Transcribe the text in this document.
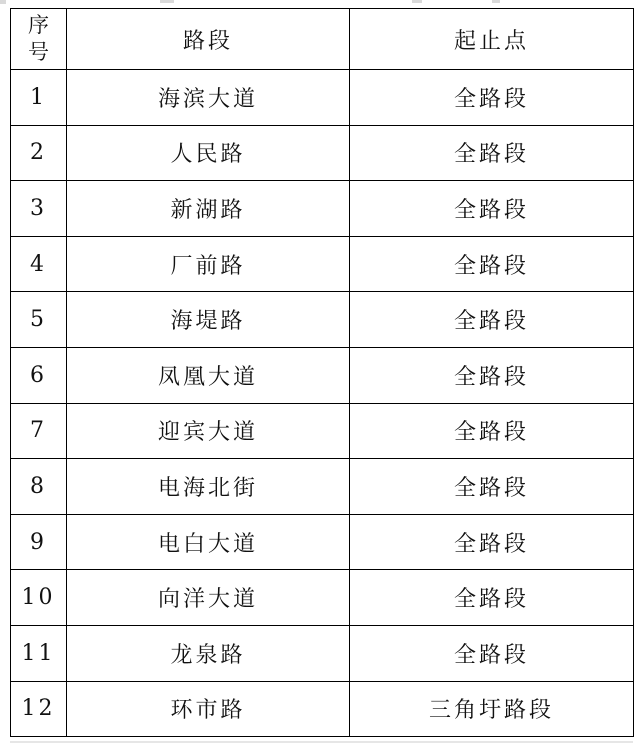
序号	路段	起止点
1	海滨大道	全路段
2	人民路	全路段
3	新湖路	全路段
4	厂前路	全路段
5	海堤路	全路段
6	凤凰大道	全路段
7	迎宾大道	全路段
8	电海北街	全路段
9	电白大道	全路段
10	向洋大道	全路段
11	龙泉路	全路段
12	环市路	三角圩路段
